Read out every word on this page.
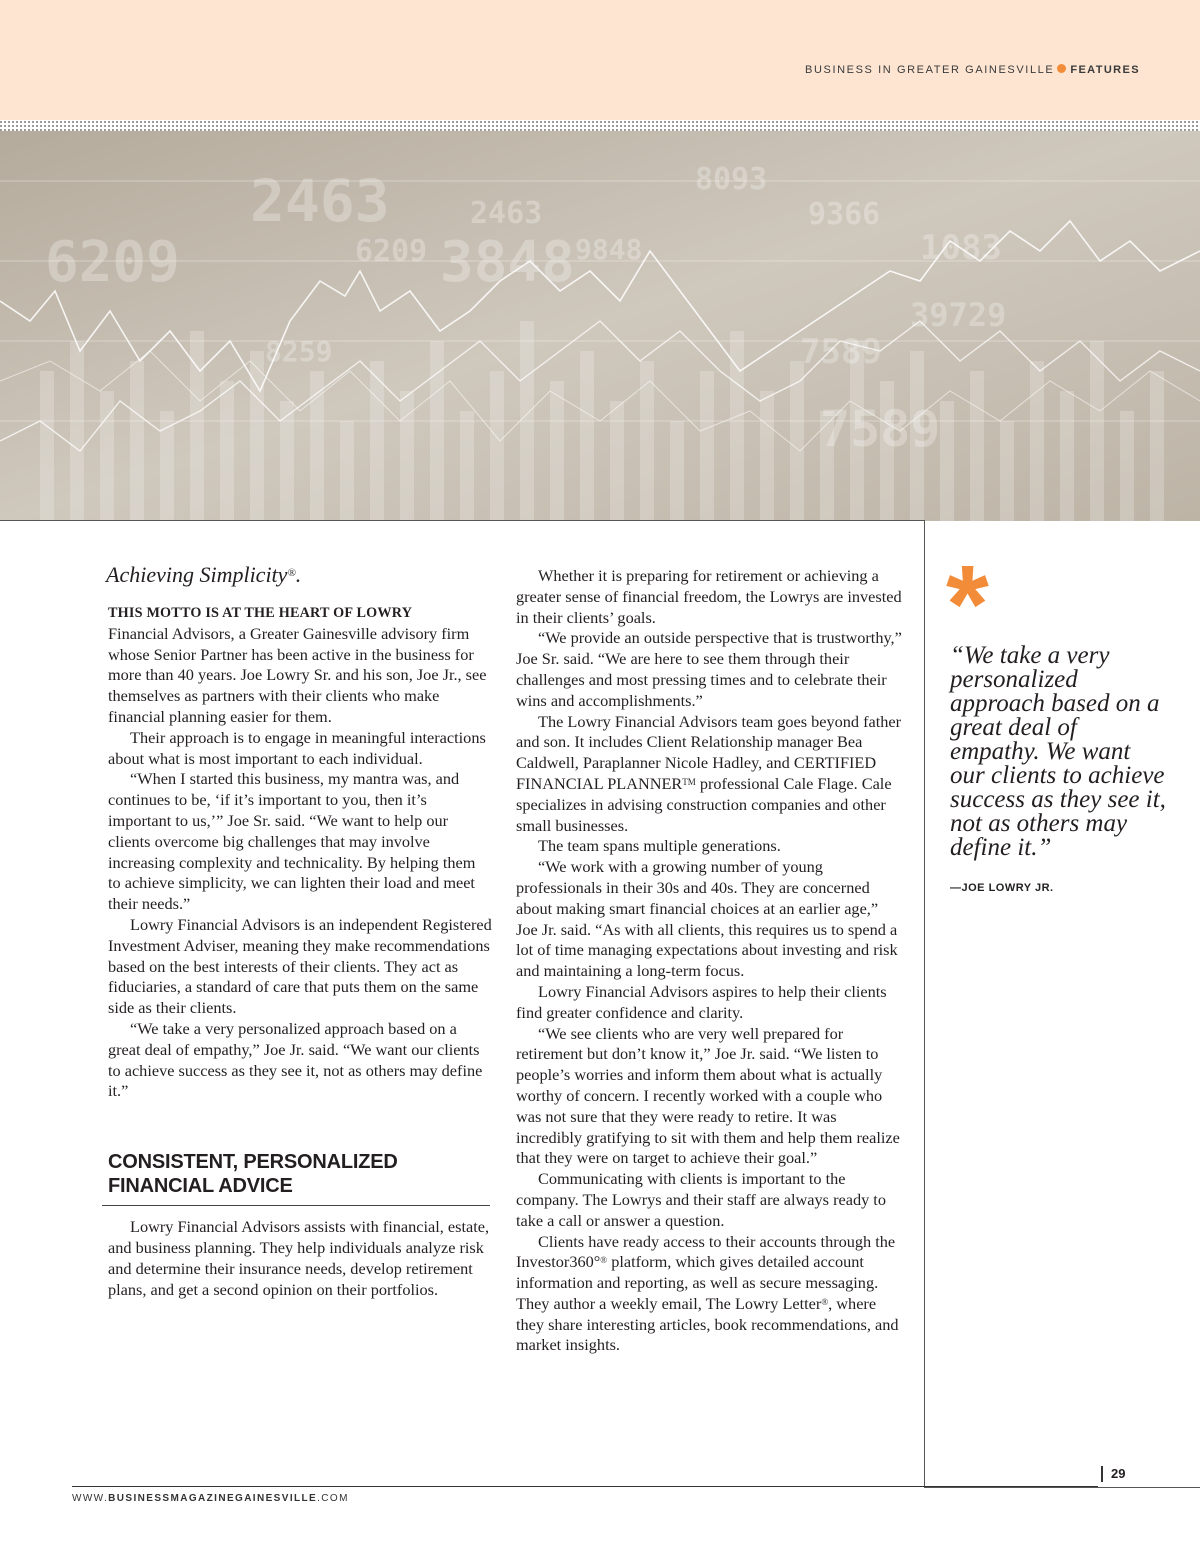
BUSINESS IN GREATER GAINESVILLE FEATURES
2463
6209
2463
6209 3848 9848
8093
9366
1083
39729
7589
7589
8259
Achieving Simplicity®.

THIS MOTTO IS AT THE HEART OF LOWRY
Financial Advisors, a Greater Gainesville advisory firm whose Senior Partner has been active in the business for more than 40 years. Joe Lowry Sr. and his son, Joe Jr., see themselves as partners with their clients who make financial planning easier for them.

Their approach is to engage in meaningful interactions about what is most important to each individual.

“When I started this business, my mantra was, and continues to be, ‘if it’s important to you, then it’s important to us,’” Joe Sr. said. “We want to help our clients overcome big challenges that may involve increasing complexity and technicality. By helping them to achieve simplicity, we can lighten their load and meet their needs.”

Lowry Financial Advisors is an independent Registered Investment Adviser, meaning they make recommendations based on the best interests of their clients. They act as fiduciaries, a standard of care that puts them on the same side as their clients.

“We take a very personalized approach based on a great deal of empathy,” Joe Jr. said. “We want our clients to achieve success as they see it, not as others may define it.”

CONSISTENT, PERSONALIZED FINANCIAL ADVICE

Lowry Financial Advisors assists with financial, estate, and business planning. They help individuals analyze risk and determine their insurance needs, develop retirement plans, and get a second opinion on their portfolios.

Whether it is preparing for retirement or achieving a greater sense of financial freedom, the Lowrys are invested in their clients’ goals.

“We provide an outside perspective that is trustworthy,” Joe Sr. said. “We are here to see them through their challenges and most pressing times and to celebrate their wins and accomplishments.”

The Lowry Financial Advisors team goes beyond father and son. It includes Client Relationship manager Bea Caldwell, Paraplanner Nicole Hadley, and CERTIFIED FINANCIAL PLANNER™ professional Cale Flage. Cale specializes in advising construction companies and other small businesses.

The team spans multiple generations.

“We work with a growing number of young professionals in their 30s and 40s. They are concerned about making smart financial choices at an earlier age,” Joe Jr. said. “As with all clients, this requires us to spend a lot of time managing expectations about investing and risk and maintaining a long-term focus.

Lowry Financial Advisors aspires to help their clients find greater confidence and clarity.

“We see clients who are very well prepared for retirement but don’t know it,” Joe Jr. said. “We listen to people’s worries and inform them about what is actually worthy of concern. I recently worked with a couple who was not sure that they were ready to retire. It was incredibly gratifying to sit with them and help them realize that they were on target to achieve their goal.”

Communicating with clients is important to the company. The Lowrys and their staff are always ready to take a call or answer a question.

Clients have ready access to their accounts through the Investor360°® platform, which gives detailed account information and reporting, as well as secure messaging. They author a weekly email, The Lowry Letter®, where they share interesting articles, book recommendations, and market insights.

*

“We take a very personalized approach based on a great deal of empathy. We want our clients to achieve success as they see it, not as others may define it.”

—JOE LOWRY JR.
29
WWW.BUSINESSMAGAZINEGAINESVILLE.COM
